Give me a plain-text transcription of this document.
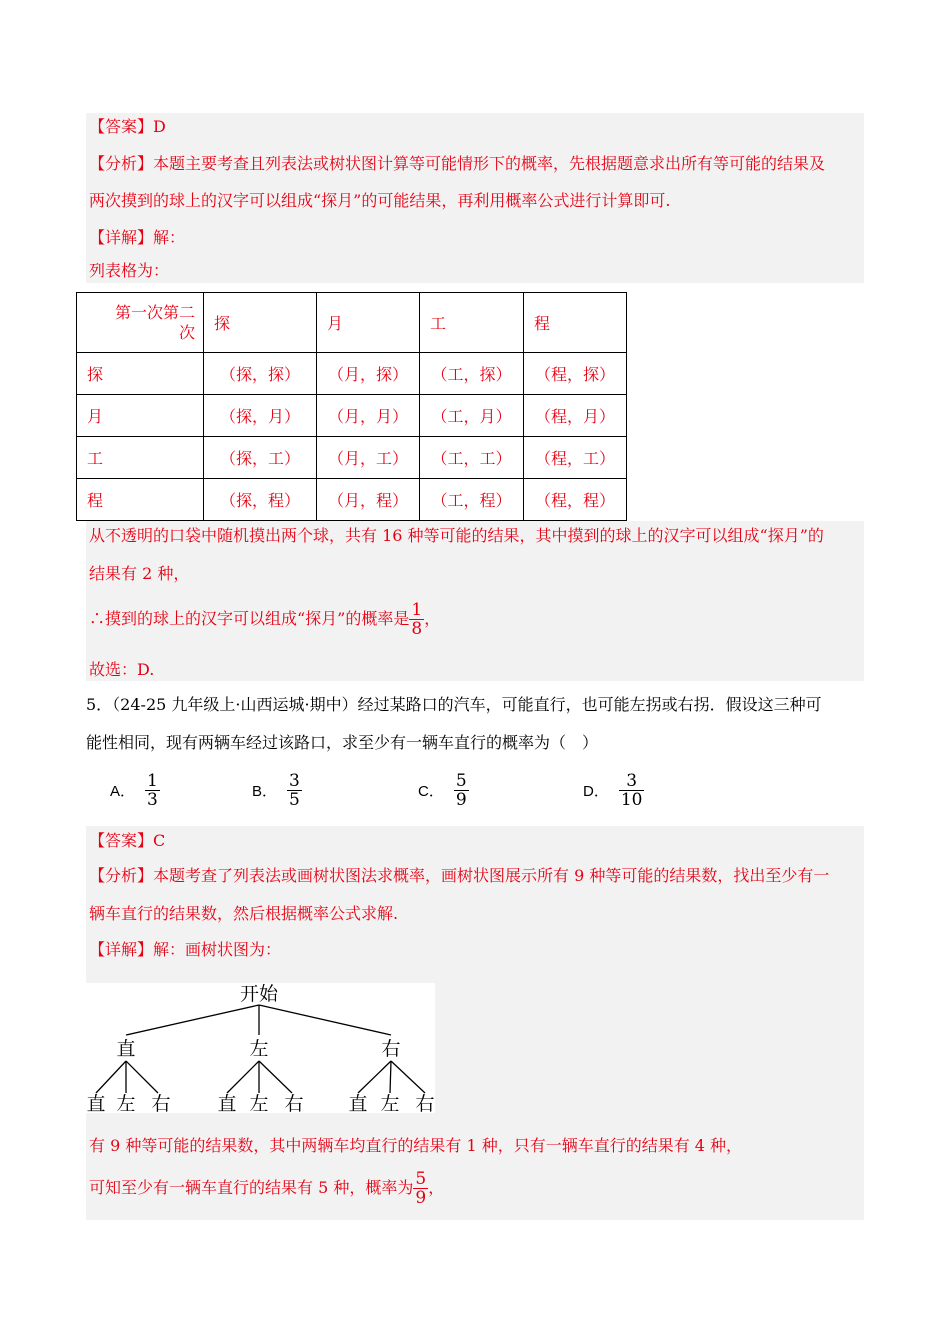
【答案】D
【分析】本题主要考查且列表法或树状图计算等可能情形下的概率，先根据题意求出所有等可能的结果及
两次摸到的球上的汉字可以组成“探月”的可能结果，再利用概率公式进行计算即可.
【详解】解：
列表格为：
第一次第二
次	探	月	工	程
探	（探，探）	（月，探）	（工，探）	（程，探）
月	（探，月）	（月，月）	（工，月）	（程，月）
工	（探，工）	（月，工）	（工，工）	（程，工）
程	（探，程）	（月，程）	（工，程）	（程，程）
从不透明的口袋中随机摸出两个球，共有 16 种等可能的结果，其中摸到的球上的汉字可以组成“探月”的
结果有 2 种，
∴摸到的球上的汉字可以组成“探月”的概率是 $\frac{1}{8}$ ，
故选：D.
5．（24-25 九年级上·山西运城·期中）经过某路口的汽车，可能直行，也可能左拐或右拐．假设这三种可
能性相同，现有两辆车经过该路口，求至少有一辆车直行的概率为（　）
A． $\frac{1}{3}$	B． $\frac{3}{5}$	C． $\frac{5}{9}$	D． $\frac{3}{10}$
【答案】C
【分析】本题考查了列表法或画树状图法求概率，画树状图展示所有 9 种等可能的结果数，找出至少有一
辆车直行的结果数，然后根据概率公式求解.
【详解】解：画树状图为：
有 9 种等可能的结果数，其中两辆车均直行的结果有 1 种，只有一辆车直行的结果有 4 种，
可知至少有一辆车直行的结果有 5 种，概率为 $\frac{5}{9}$ ，
开始
直	左	右
直 左 右 直 左 右 直 左 右
